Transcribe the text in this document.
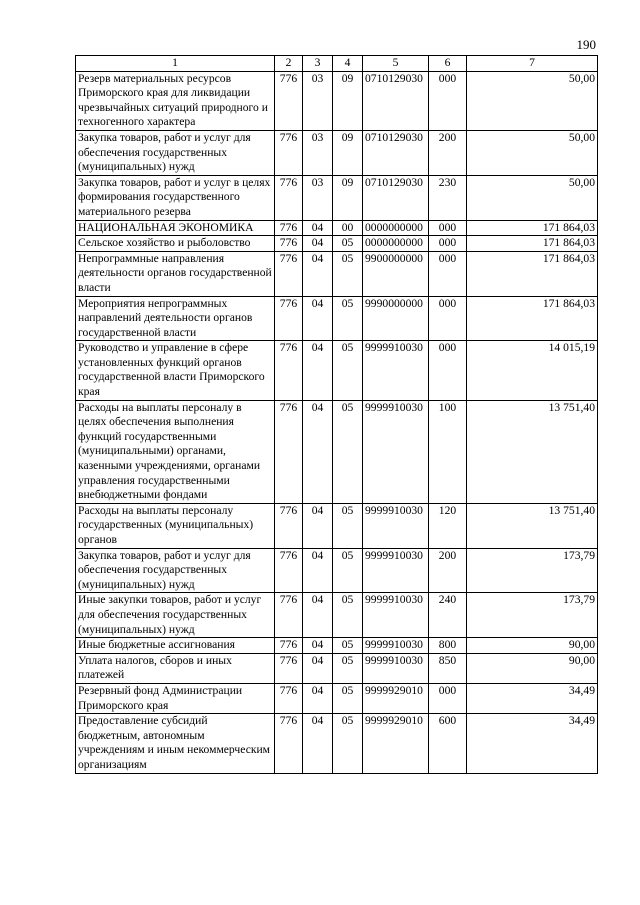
190
1	2	3	4	5	6	7
Резерв материальных ресурсов Приморского края для ликвидации чрезвычайных ситуаций природного и техногенного характера	776	03	09	0710129030	000	50,00
Закупка товаров, работ и услуг для обеспечения государственных (муниципальных) нужд	776	03	09	0710129030	200	50,00
Закупка товаров, работ и услуг в целях формирования государственного материального резерва	776	03	09	0710129030	230	50,00
НАЦИОНАЛЬНАЯ ЭКОНОМИКА	776	04	00	0000000000	000	171 864,03
Сельское хозяйство и рыболовство	776	04	05	0000000000	000	171 864,03
Непрограммные направления деятельности органов государственной власти	776	04	05	9900000000	000	171 864,03
Мероприятия непрограммных направлений деятельности органов государственной власти	776	04	05	9990000000	000	171 864,03
Руководство и управление в сфере установленных функций органов государственной власти Приморского края	776	04	05	9999910030	000	14 015,19
Расходы на выплаты персоналу в целях обеспечения выполнения функций государственными (муниципальными) органами, казенными учреждениями, органами управления государственными внебюджетными фондами	776	04	05	9999910030	100	13 751,40
Расходы на выплаты персоналу государственных (муниципальных) органов	776	04	05	9999910030	120	13 751,40
Закупка товаров, работ и услуг для обеспечения государственных (муниципальных) нужд	776	04	05	9999910030	200	173,79
Иные закупки товаров, работ и услуг для обеспечения государственных (муниципальных) нужд	776	04	05	9999910030	240	173,79
Иные бюджетные ассигнования	776	04	05	9999910030	800	90,00
Уплата налогов, сборов и иных платежей	776	04	05	9999910030	850	90,00
Резервный фонд Администрации Приморского края	776	04	05	9999929010	000	34,49
Предоставление субсидий бюджетным, автономным учреждениям и иным некоммерческим организациям	776	04	05	9999929010	600	34,49
